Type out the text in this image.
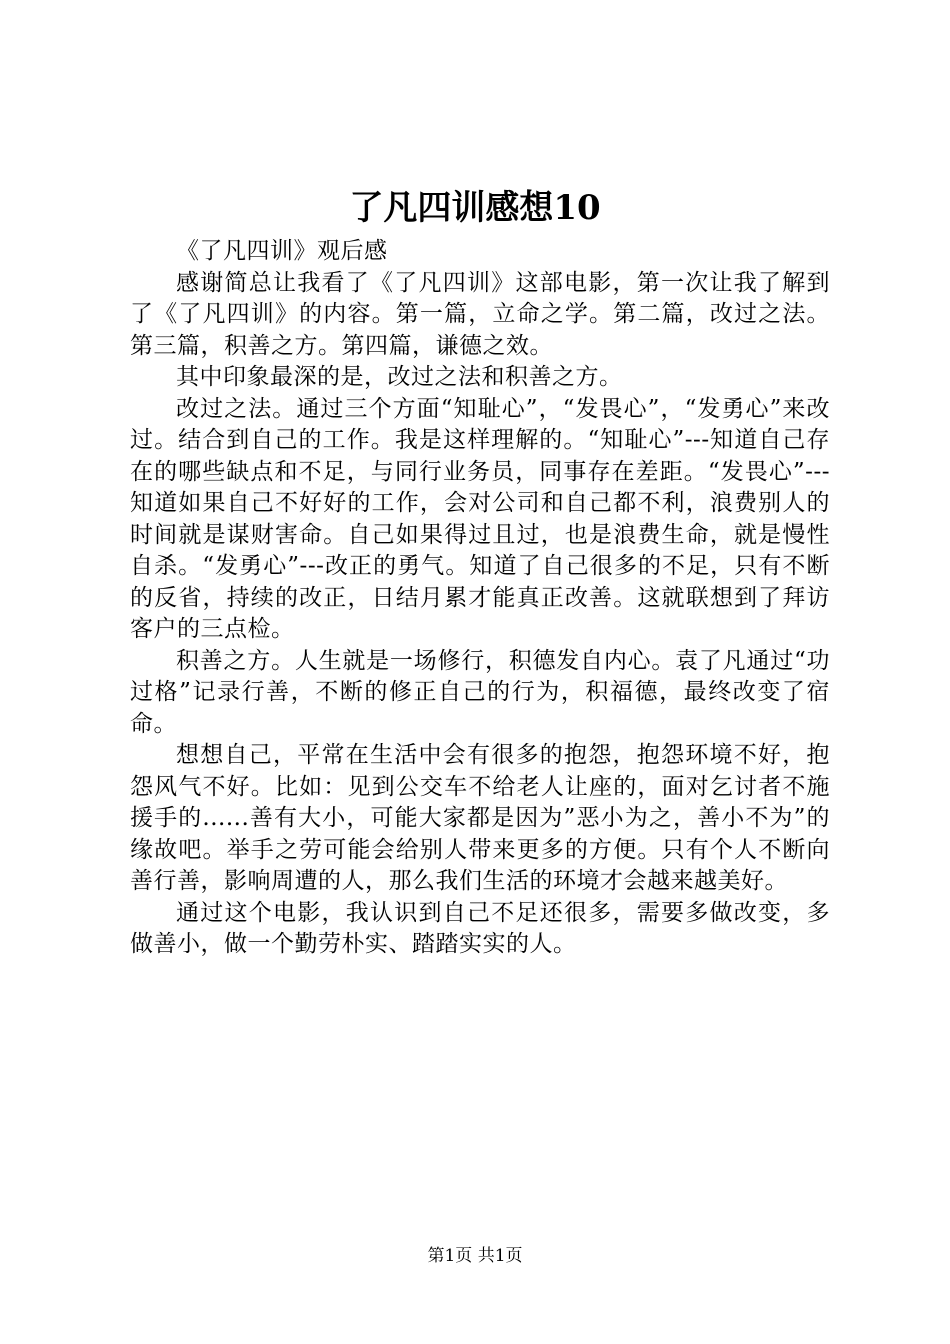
了凡四训感想10

《了凡四训》观后感

感谢简总让我看了《了凡四训》这部电影，第一次让我了解到了《了凡四训》的内容。第一篇，立命之学。第二篇，改过之法。第三篇，积善之方。第四篇，谦德之效。

其中印象最深的是，改过之法和积善之方。

改过之法。通过三个方面“知耻心”，“发畏心”，“发勇心”来改过。结合到自己的工作。我是这样理解的。“知耻心”---知道自己存在的哪些缺点和不足，与同行业务员，同事存在差距。“发畏心”---知道如果自己不好好的工作，会对公司和自己都不利，浪费别人的时间就是谋财害命。自己如果得过且过，也是浪费生命，就是慢性自杀。“发勇心”---改正的勇气。知道了自己很多的不足，只有不断的反省，持续的改正，日结月累才能真正改善。这就联想到了拜访客户的三点检。

积善之方。人生就是一场修行，积德发自内心。袁了凡通过“功过格”记录行善，不断的修正自己的行为，积福德，最终改变了宿命。

想想自己，平常在生活中会有很多的抱怨，抱怨环境不好，抱怨风气不好。比如：见到公交车不给老人让座的，面对乞讨者不施援手的......善有大小，可能大家都是因为”恶小为之，善小不为”的缘故吧。举手之劳可能会给别人带来更多的方便。只有个人不断向善行善，影响周遭的人，那么我们生活的环境才会越来越美好。

通过这个电影，我认识到自己不足还很多，需要多做改变，多做善小，做一个勤劳朴实、踏踏实实的人。

第1页 共1页
